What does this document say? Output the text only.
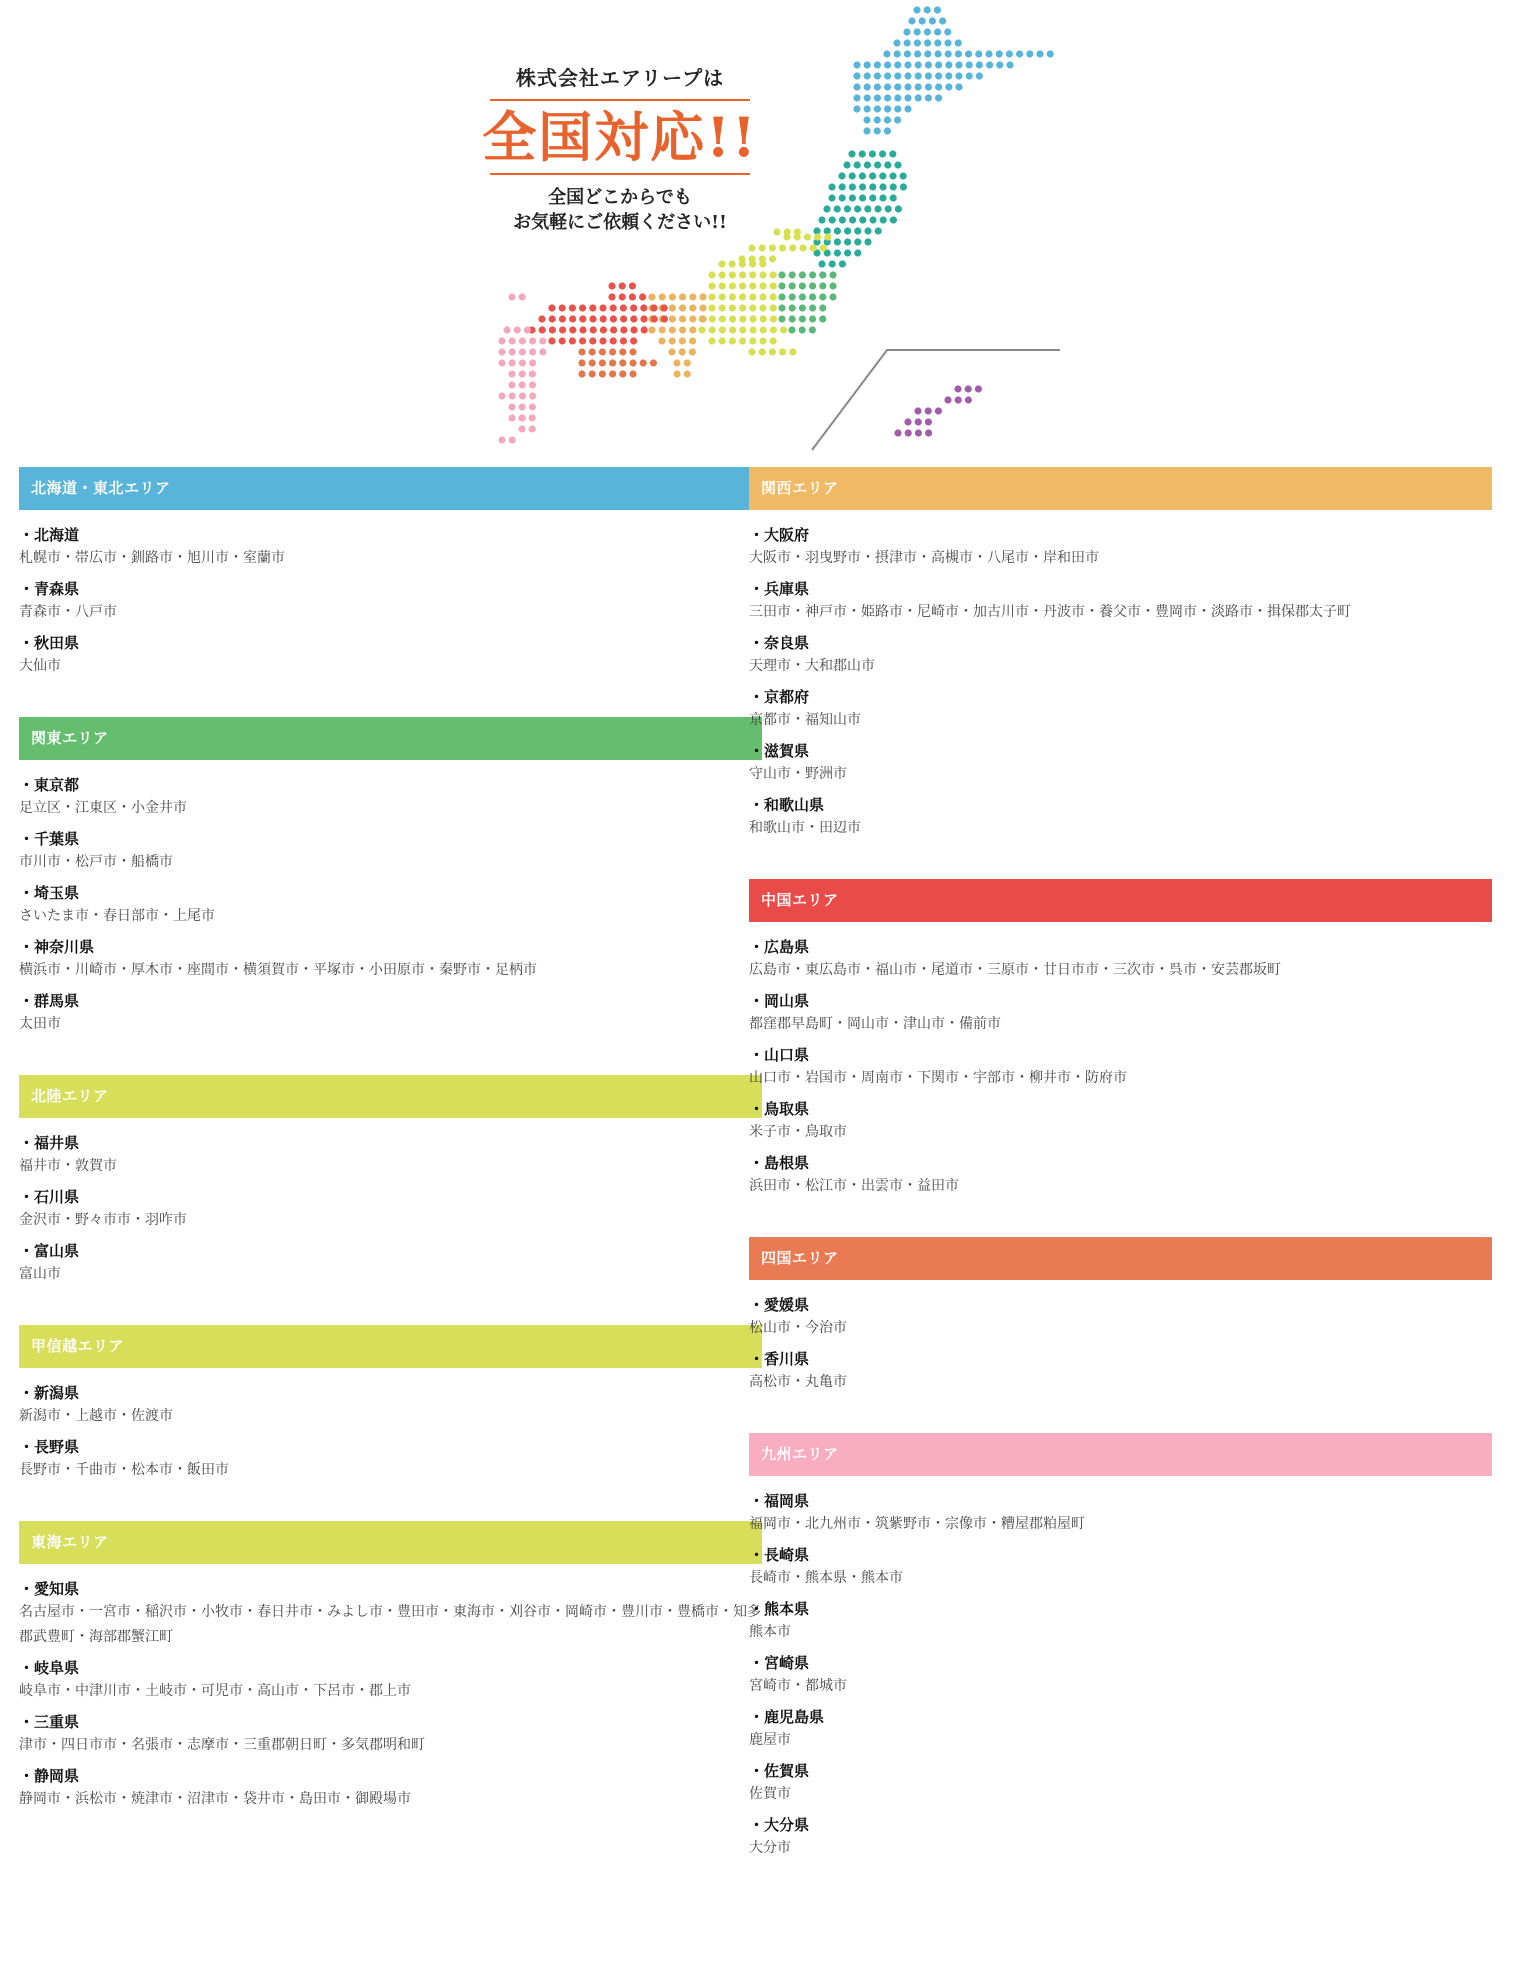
株式会社エアリープは
全国対応!!
全国どこからでも
お気軽にご依頼ください!!
北海道・東北エリア
・北海道
札幌市・帯広市・釧路市・旭川市・室蘭市
・青森県
青森市・八戸市
・秋田県
大仙市
関東エリア
・東京都
足立区・江東区・小金井市
・千葉県
市川市・松戸市・船橋市
・埼玉県
さいたま市・春日部市・上尾市
・神奈川県
横浜市・川崎市・厚木市・座間市・横須賀市・平塚市・小田原市・秦野市・足柄市
・群馬県
太田市
北陸エリア
・福井県
福井市・敦賀市
・石川県
金沢市・野々市市・羽咋市
・富山県
富山市
甲信越エリア
・新潟県
新潟市・上越市・佐渡市
・長野県
長野市・千曲市・松本市・飯田市
東海エリア
・愛知県
名古屋市・一宮市・稲沢市・小牧市・春日井市・みよし市・豊田市・東海市・刈谷市・岡崎市・豊川市・豊橋市・知多郡武豊町・海部郡蟹江町
・岐阜県
岐阜市・中津川市・土岐市・可児市・高山市・下呂市・郡上市
・三重県
津市・四日市市・名張市・志摩市・三重郡朝日町・多気郡明和町
・静岡県
静岡市・浜松市・焼津市・沼津市・袋井市・島田市・御殿場市
関西エリア
・大阪府
大阪市・羽曳野市・摂津市・高槻市・八尾市・岸和田市
・兵庫県
三田市・神戸市・姫路市・尼崎市・加古川市・丹波市・養父市・豊岡市・淡路市・揖保郡太子町
・奈良県
天理市・大和郡山市
・京都府
京都市・福知山市
・滋賀県
守山市・野洲市
・和歌山県
和歌山市・田辺市
中国エリア
・広島県
広島市・東広島市・福山市・尾道市・三原市・廿日市市・三次市・呉市・安芸郡坂町
・岡山県
都窪郡早島町・岡山市・津山市・備前市
・山口県
山口市・岩国市・周南市・下関市・宇部市・柳井市・防府市
・鳥取県
米子市・鳥取市
・島根県
浜田市・松江市・出雲市・益田市
四国エリア
・愛媛県
松山市・今治市
・香川県
高松市・丸亀市
九州エリア
・福岡県
福岡市・北九州市・筑紫野市・宗像市・糟屋郡粕屋町
・長崎県
長崎市・熊本県・熊本市
・熊本県
熊本市
・宮崎県
宮崎市・都城市
・鹿児島県
鹿屋市
・佐賀県
佐賀市
・大分県
大分市
